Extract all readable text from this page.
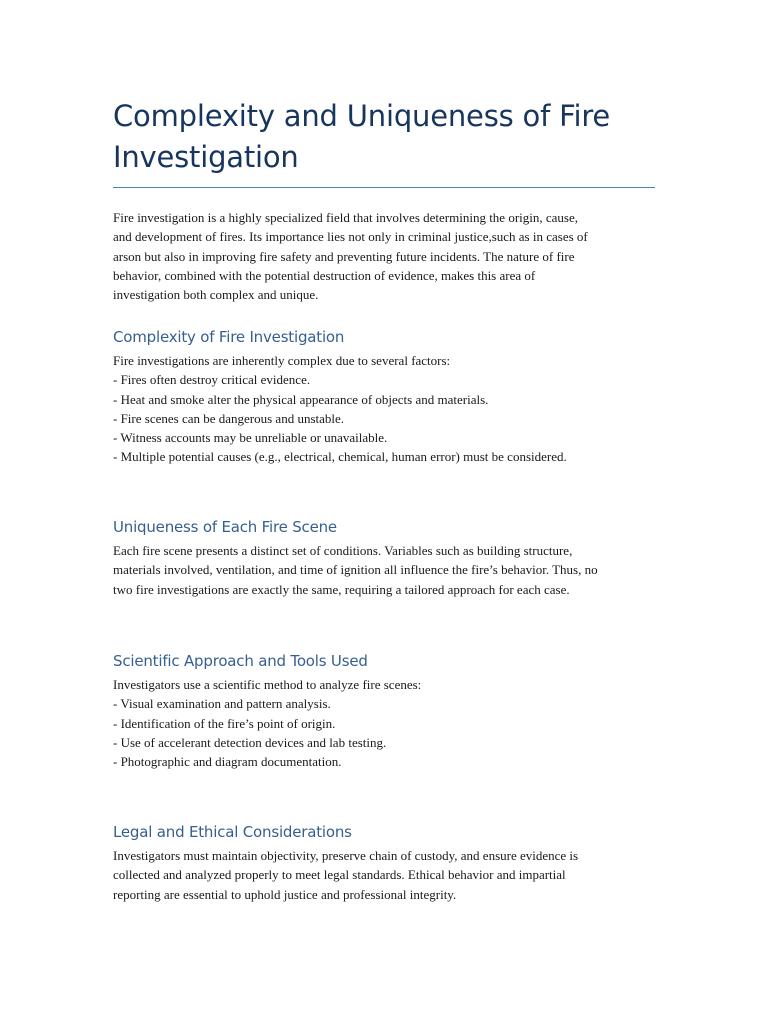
Complexity and Uniqueness of Fire
Investigation
Fire investigation is a highly specialized field that involves determining the origin, cause,
and development of fires. Its importance lies not only in criminal justice,such as in cases of
arson but also in improving fire safety and preventing future incidents. The nature of fire
behavior, combined with the potential destruction of evidence, makes this area of
investigation both complex and unique.
Complexity of Fire Investigation
Fire investigations are inherently complex due to several factors:
- Fires often destroy critical evidence.
- Heat and smoke alter the physical appearance of objects and materials.
- Fire scenes can be dangerous and unstable.
- Witness accounts may be unreliable or unavailable.
- Multiple potential causes (e.g., electrical, chemical, human error) must be considered.
Uniqueness of Each Fire Scene
Each fire scene presents a distinct set of conditions. Variables such as building structure,
materials involved, ventilation, and time of ignition all influence the fire’s behavior. Thus, no
two fire investigations are exactly the same, requiring a tailored approach for each case.
Scientific Approach and Tools Used
Investigators use a scientific method to analyze fire scenes:
- Visual examination and pattern analysis.
- Identification of the fire’s point of origin.
- Use of accelerant detection devices and lab testing.
- Photographic and diagram documentation.
Legal and Ethical Considerations
Investigators must maintain objectivity, preserve chain of custody, and ensure evidence is
collected and analyzed properly to meet legal standards. Ethical behavior and impartial
reporting are essential to uphold justice and professional integrity.
